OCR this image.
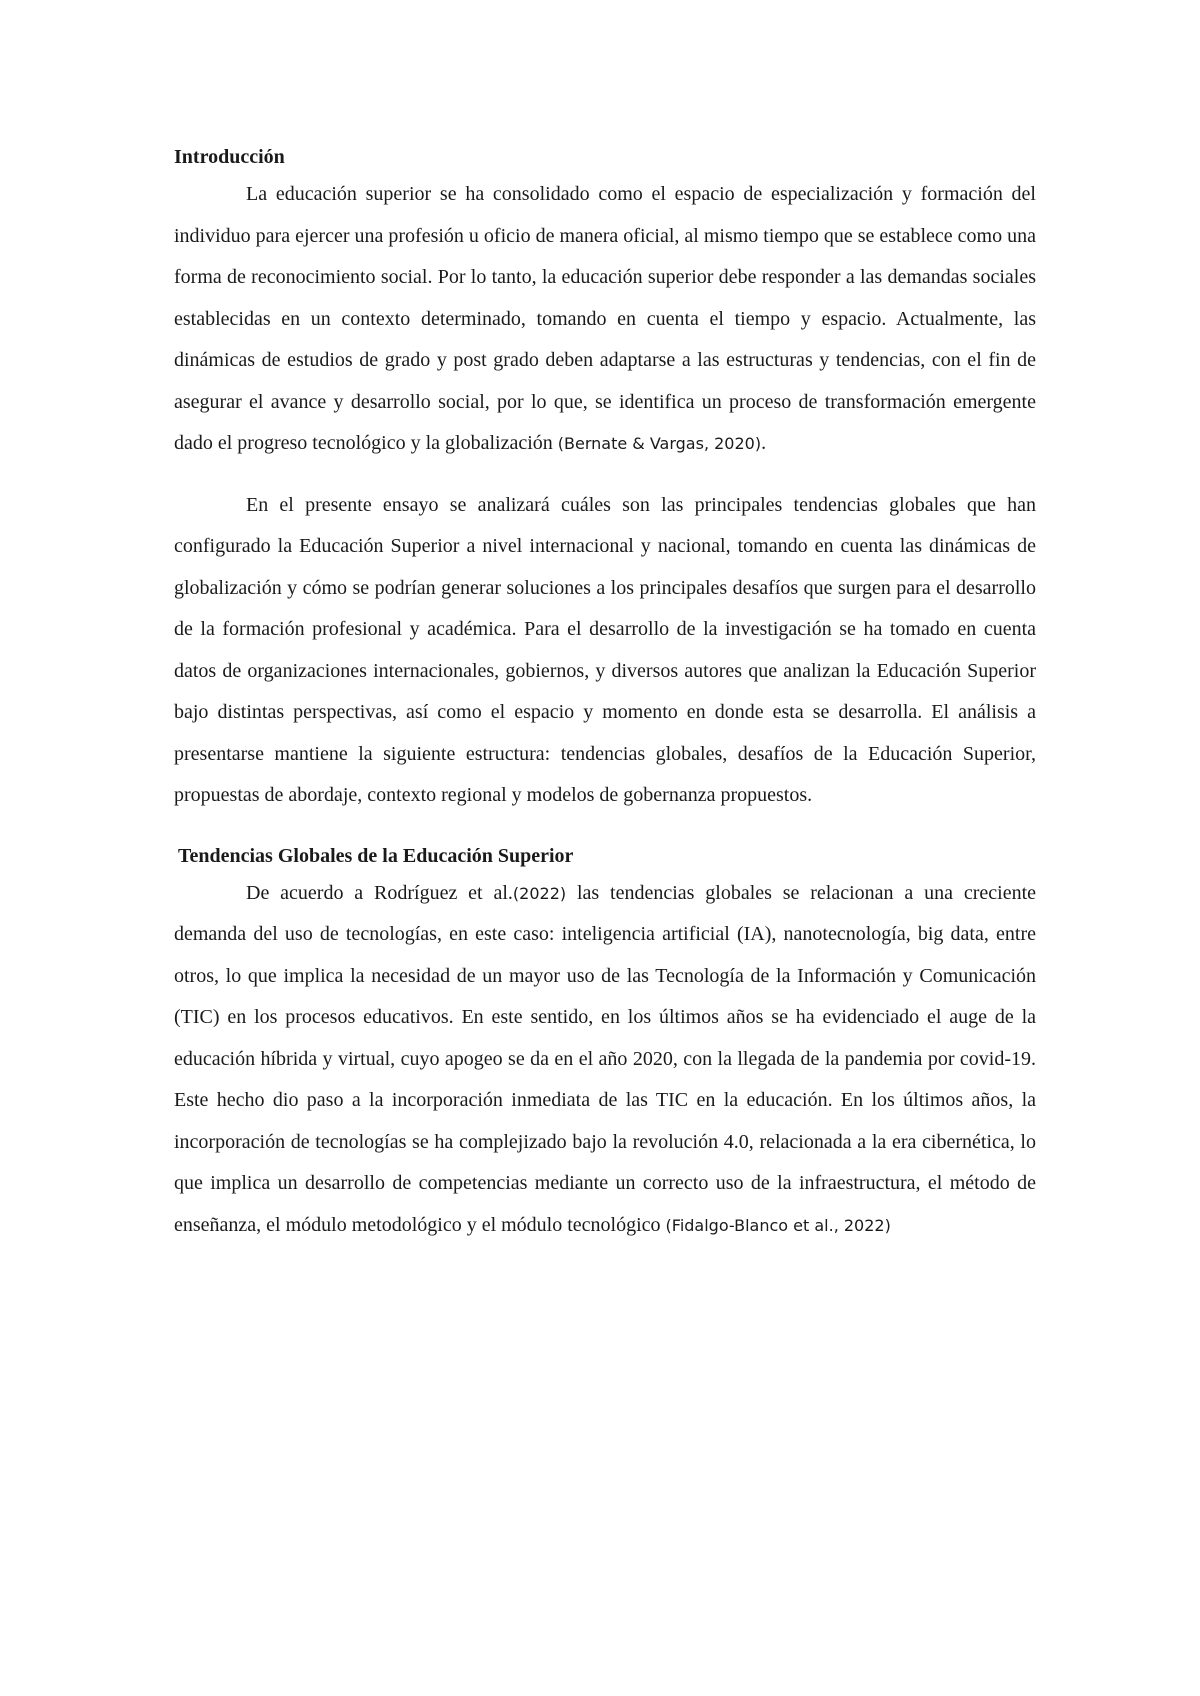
Introducción

La educación superior se ha consolidado como el espacio de especialización y formación del individuo para ejercer una profesión u oficio de manera oficial, al mismo tiempo que se establece como una forma de reconocimiento social. Por lo tanto, la educación superior debe responder a las demandas sociales establecidas en un contexto determinado, tomando en cuenta el tiempo y espacio. Actualmente, las dinámicas de estudios de grado y post grado deben adaptarse a las estructuras y tendencias, con el fin de asegurar el avance y desarrollo social, por lo que, se identifica un proceso de transformación emergente dado el progreso tecnológico y la globalización (Bernate & Vargas, 2020).

En el presente ensayo se analizará cuáles son las principales tendencias globales que han configurado la Educación Superior a nivel internacional y nacional, tomando en cuenta las dinámicas de globalización y cómo se podrían generar soluciones a los principales desafíos que surgen para el desarrollo de la formación profesional y académica. Para el desarrollo de la investigación se ha tomado en cuenta datos de organizaciones internacionales, gobiernos, y diversos autores que analizan la Educación Superior bajo distintas perspectivas, así como el espacio y momento en donde esta se desarrolla. El análisis a presentarse mantiene la siguiente estructura: tendencias globales, desafíos de la Educación Superior, propuestas de abordaje, contexto regional y modelos de gobernanza propuestos.

Tendencias Globales de la Educación Superior

De acuerdo a Rodríguez et al.(2022) las tendencias globales se relacionan a una creciente demanda del uso de tecnologías, en este caso: inteligencia artificial (IA), nanotecnología, big data, entre otros, lo que implica la necesidad de un mayor uso de las Tecnología de la Información y Comunicación (TIC) en los procesos educativos. En este sentido, en los últimos años se ha evidenciado el auge de la educación híbrida y virtual, cuyo apogeo se da en el año 2020, con la llegada de la pandemia por covid-19. Este hecho dio paso a la incorporación inmediata de las TIC en la educación. En los últimos años, la incorporación de tecnologías se ha complejizado bajo la revolución 4.0, relacionada a la era cibernética, lo que implica un desarrollo de competencias mediante un correcto uso de la infraestructura, el método de enseñanza, el módulo metodológico y el módulo tecnológico (Fidalgo-Blanco et al., 2022)
